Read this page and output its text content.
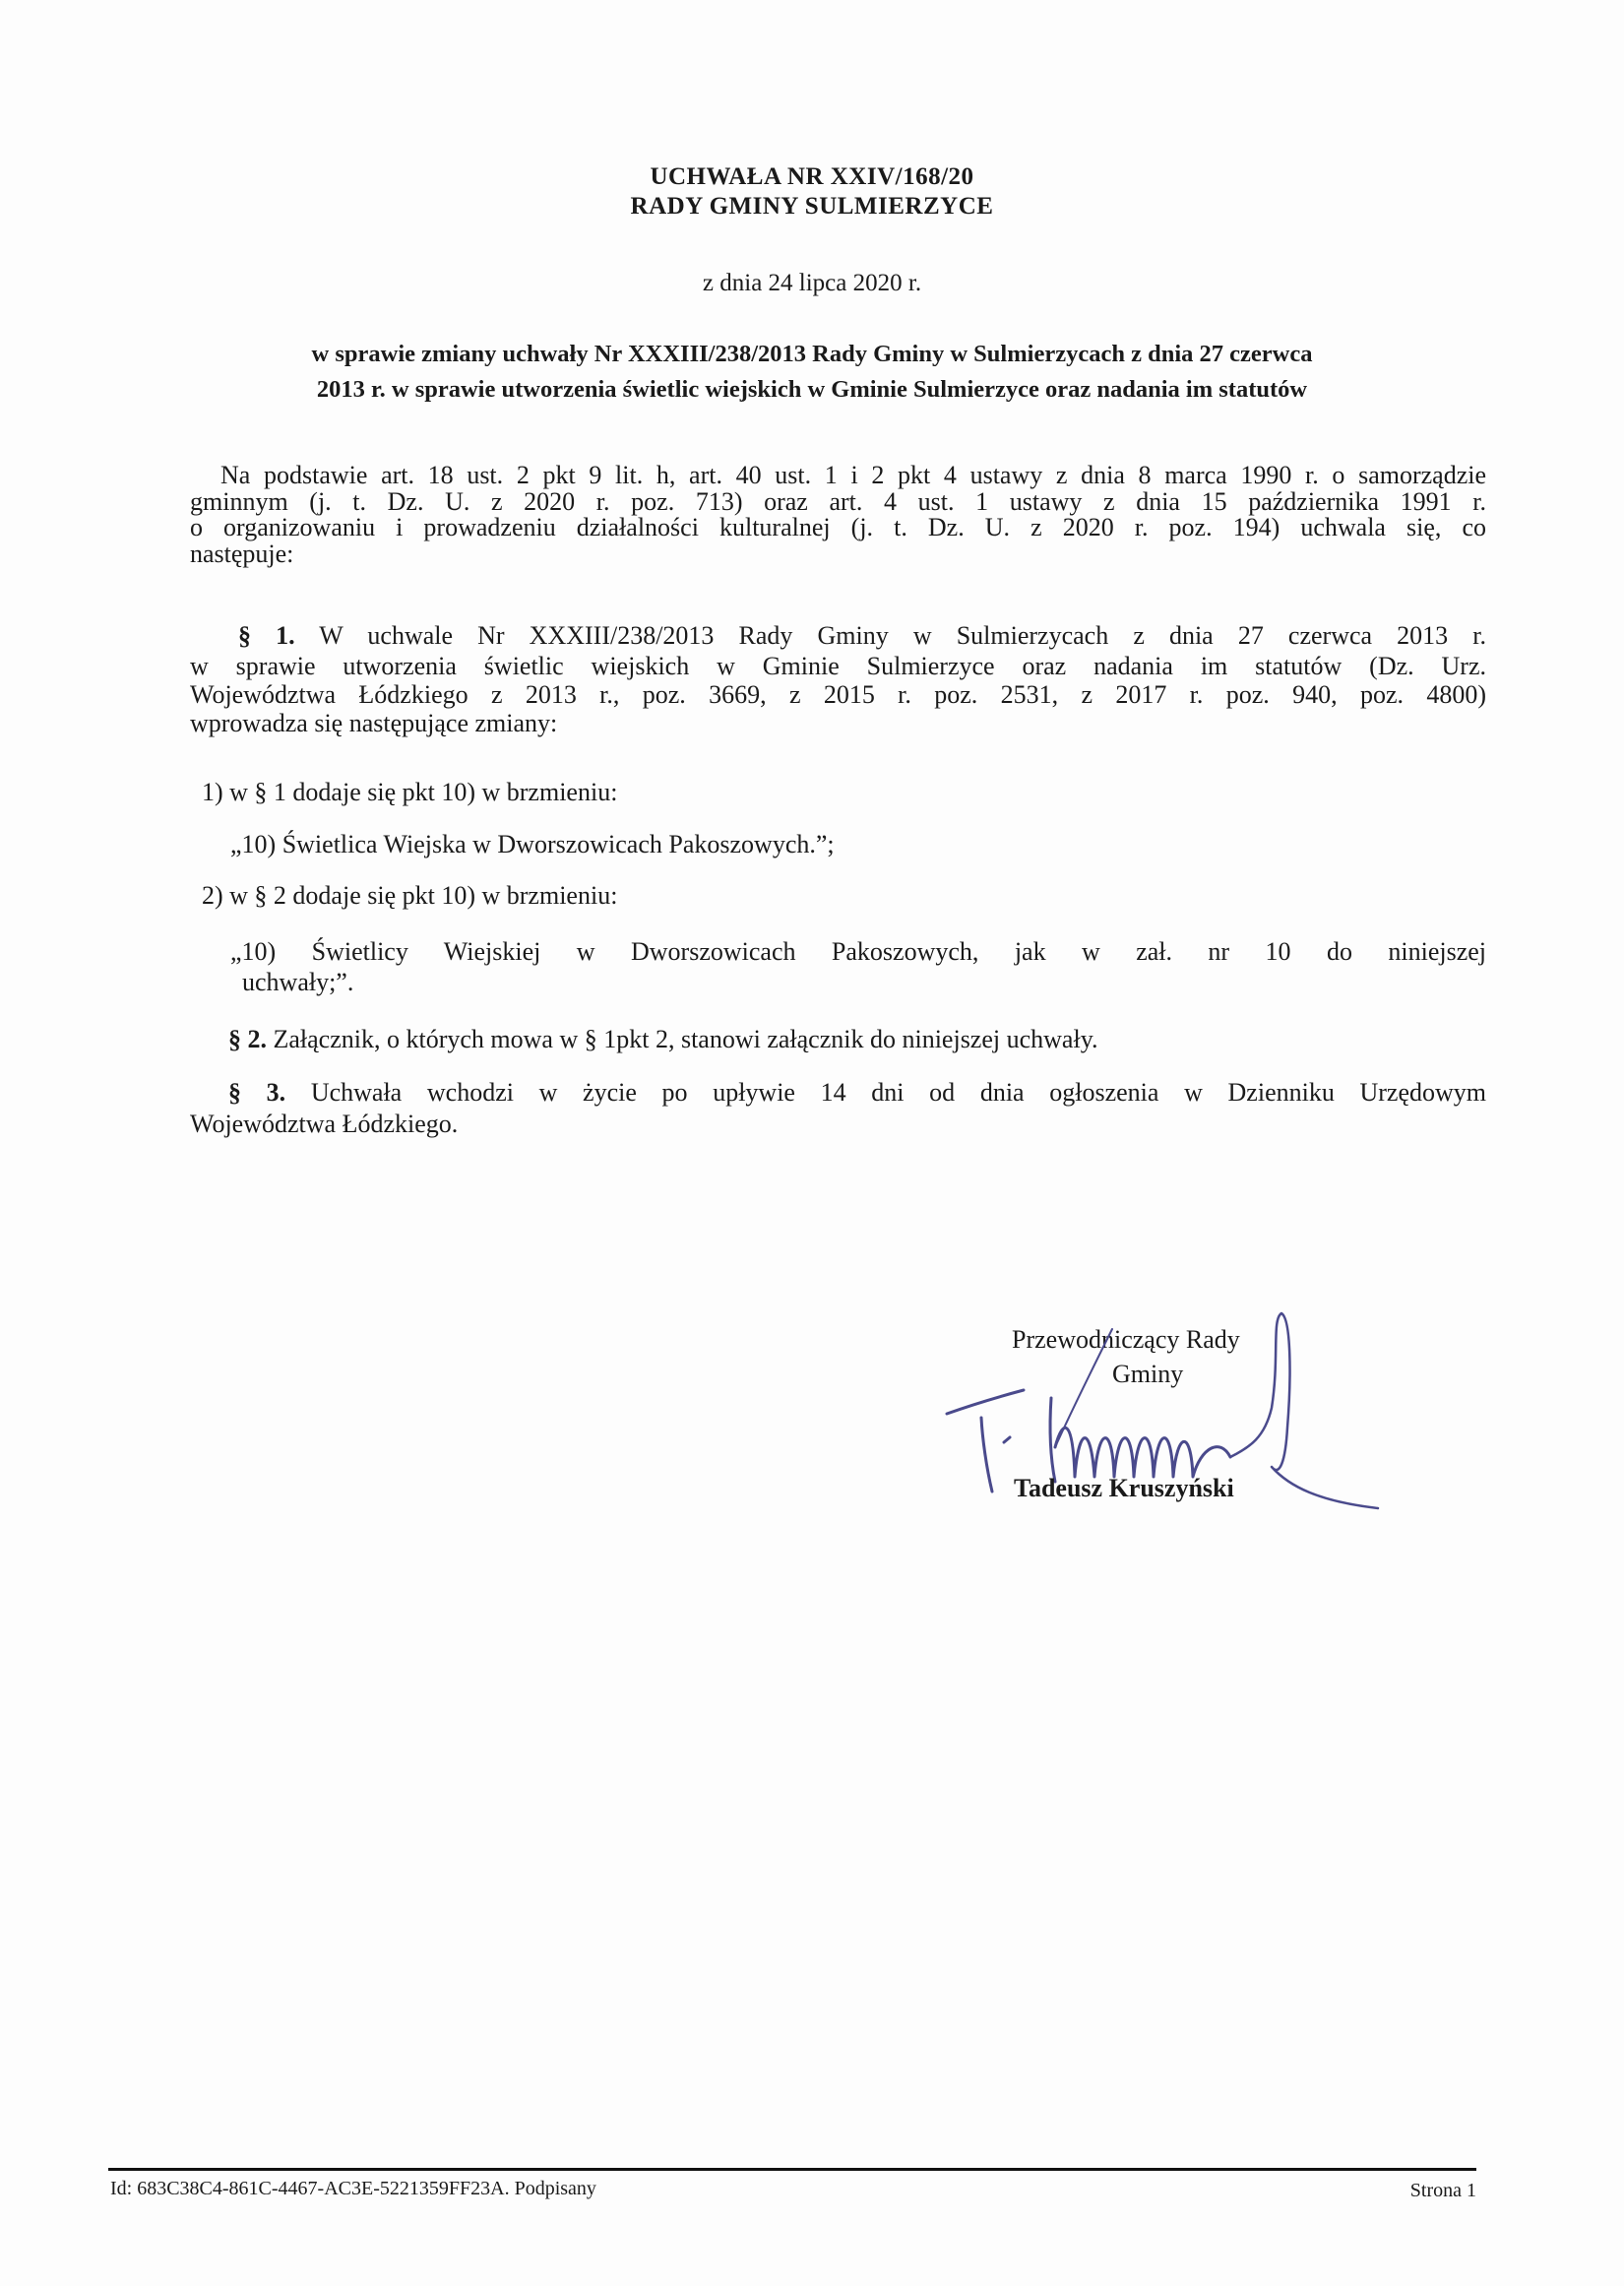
UCHWAŁA NR XXIV/168/20
RADY GMINY SULMIERZYCE
z dnia 24 lipca 2020 r.
w sprawie zmiany uchwały Nr XXXIII/238/2013 Rady Gminy w Sulmierzycach z dnia 27 czerwca
2013 r. w sprawie utworzenia świetlic wiejskich w Gminie Sulmierzyce oraz nadania im statutów
Na podstawie art. 18 ust. 2 pkt 9 lit. h, art. 40 ust. 1 i 2 pkt 4 ustawy z dnia 8 marca 1990 r. o samorządzie
gminnym (j. t. Dz. U. z 2020 r. poz. 713) oraz art. 4 ust. 1 ustawy z dnia 15 października 1991 r.
o organizowaniu i prowadzeniu działalności kulturalnej (j. t. Dz. U. z 2020 r. poz. 194) uchwala się, co
następuje:
§ 1. W uchwale Nr XXXIII/238/2013 Rady Gminy w Sulmierzycach z dnia 27 czerwca 2013 r.
w sprawie utworzenia świetlic wiejskich w Gminie Sulmierzyce oraz nadania im statutów (Dz. Urz.
Województwa Łódzkiego z 2013 r., poz. 3669, z 2015 r. poz. 2531, z 2017 r. poz. 940, poz. 4800)
wprowadza się następujące zmiany:
1) w § 1 dodaje się pkt 10) w brzmieniu:
„10) Świetlica Wiejska w Dworszowicach Pakoszowych.”;
2) w § 2 dodaje się pkt 10) w brzmieniu:
„10) Świetlicy Wiejskiej w Dworszowicach Pakoszowych, jak w zał. nr 10 do niniejszej
uchwały;”.
§ 2. Załącznik, o których mowa w § 1pkt 2, stanowi załącznik do niniejszej uchwały.
§ 3. Uchwała wchodzi w życie po upływie 14 dni od dnia ogłoszenia w Dzienniku Urzędowym
Województwa Łódzkiego.
Przewodniczący Rady
Gminy
Tadeusz Kruszyński
Id: 683C38C4-861C-4467-AC3E-5221359FF23A. Podpisany	Strona 1
